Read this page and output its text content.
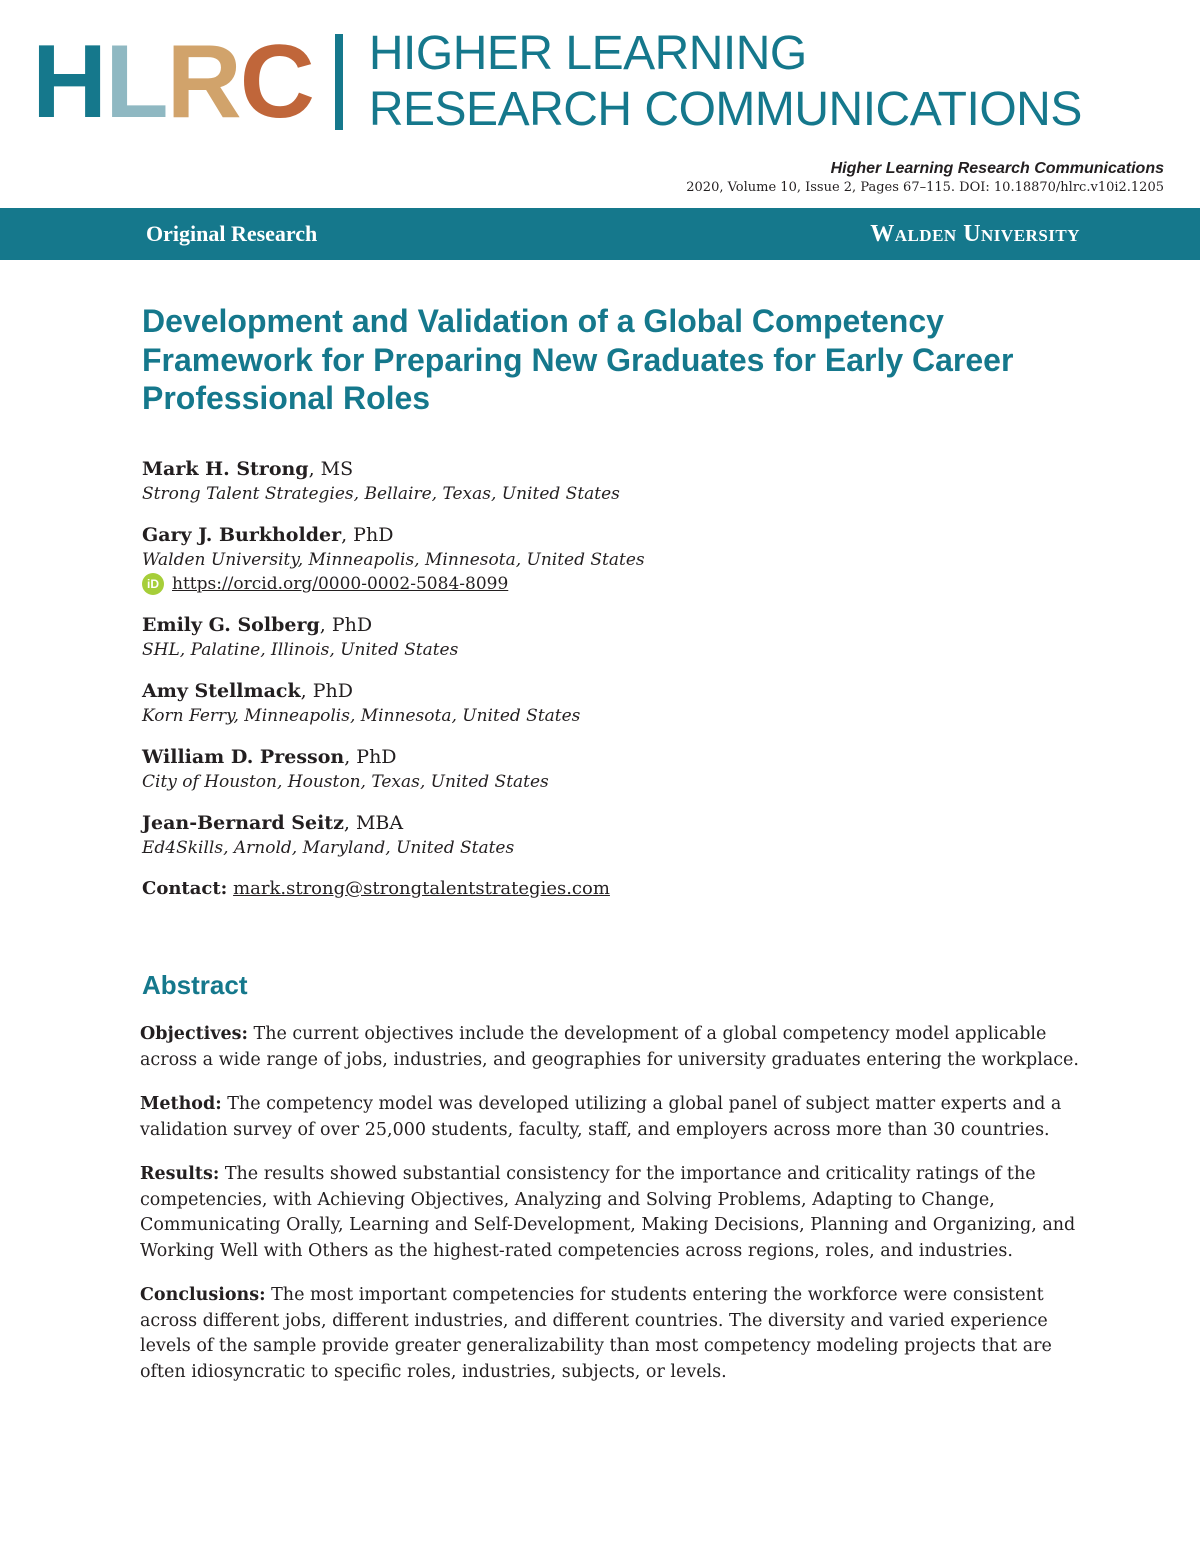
H L R C HIGHER LEARNING
RESEARCH COMMUNICATIONS
Higher Learning Research Communications
2020, Volume 10, Issue 2, Pages 67–115. DOI: 10.18870/hlrc.v10i2.1205
Original Research	Walden University
Development and Validation of a Global Competency Framework for Preparing New Graduates for Early Career Professional Roles
Mark H. Strong, MS
Strong Talent Strategies, Bellaire, Texas, United States
Gary J. Burkholder, PhD
Walden University, Minneapolis, Minnesota, United States
iD https://orcid.org/0000-0002-5084-8099
Emily G. Solberg, PhD
SHL, Palatine, Illinois, United States
Amy Stellmack, PhD
Korn Ferry, Minneapolis, Minnesota, United States
William D. Presson, PhD
City of Houston, Houston, Texas, United States
Jean-Bernard Seitz, MBA
Ed4Skills, Arnold, Maryland, United States
Contact: mark.strong@strongtalentstrategies.com
Abstract

Objectives: The current objectives include the development of a global competency model applicable across a wide range of jobs, industries, and geographies for university graduates entering the workplace.

Method: The competency model was developed utilizing a global panel of subject matter experts and a validation survey of over 25,000 students, faculty, staff, and employers across more than 30 countries.

Results: The results showed substantial consistency for the importance and criticality ratings of the competencies, with Achieving Objectives, Analyzing and Solving Problems, Adapting to Change, Communicating Orally, Learning and Self-Development, Making Decisions, Planning and Organizing, and Working Well with Others as the highest-rated competencies across regions, roles, and industries.

Conclusions: The most important competencies for students entering the workforce were consistent across different jobs, different industries, and different countries. The diversity and varied experience levels of the sample provide greater generalizability than most competency modeling projects that are often idiosyncratic to specific roles, industries, subjects, or levels.
